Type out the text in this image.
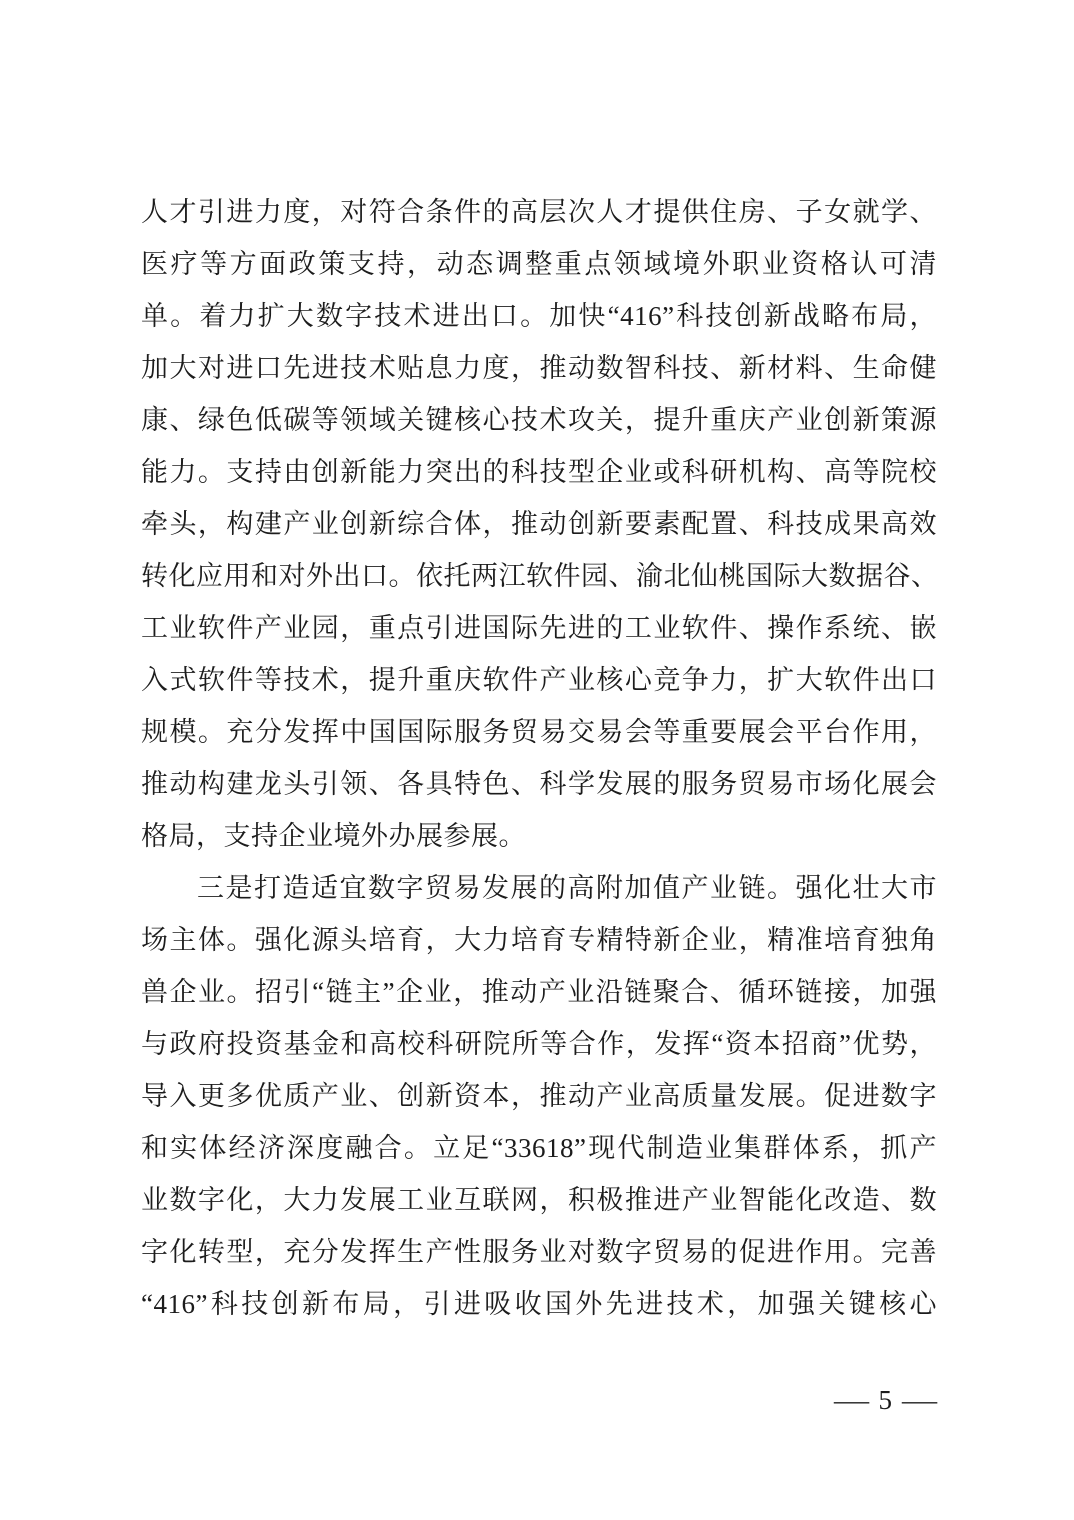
人才引进力度，对符合条件的高层次人才提供住房、子女就学、
医疗等方面政策支持，动态调整重点领域境外职业资格认可清
单。着力扩大数字技术进出口。加快“416”科技创新战略布局，
加大对进口先进技术贴息力度，推动数智科技、新材料、生命健
康、绿色低碳等领域关键核心技术攻关，提升重庆产业创新策源
能力。支持由创新能力突出的科技型企业或科研机构、高等院校
牵头，构建产业创新综合体，推动创新要素配置、科技成果高效
转化应用和对外出口。依托两江软件园、渝北仙桃国际大数据谷、
工业软件产业园，重点引进国际先进的工业软件、操作系统、嵌
入式软件等技术，提升重庆软件产业核心竞争力，扩大软件出口
规模。充分发挥中国国际服务贸易交易会等重要展会平台作用，
推动构建龙头引领、各具特色、科学发展的服务贸易市场化展会
格局，支持企业境外办展参展。
三是打造适宜数字贸易发展的高附加值产业链。强化壮大市
场主体。强化源头培育，大力培育专精特新企业，精准培育独角
兽企业。招引“链主”企业，推动产业沿链聚合、循环链接，加强
与政府投资基金和高校科研院所等合作，发挥“资本招商”优势，
导入更多优质产业、创新资本，推动产业高质量发展。促进数字
和实体经济深度融合。立足“33618”现代制造业集群体系，抓产
业数字化，大力发展工业互联网，积极推进产业智能化改造、数
字化转型，充分发挥生产性服务业对数字贸易的促进作用。完善
“416”科技创新布局，引进吸收国外先进技术，加强关键核心
— 5 —
